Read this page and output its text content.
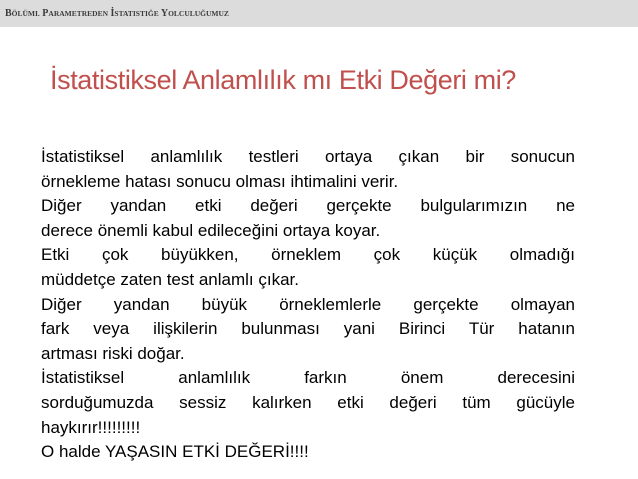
BÖLÜMI. PARAMETREDEN İSTATISTIĞE YOLCULUĞUMUZ
İstatistiksel Anlamlılık mı Etki Değeri mi?
İstatistiksel anlamlılık testleri ortaya çıkan bir sonucun
örnekleme hatası sonucu olması ihtimalini verir.
Diğer yandan etki değeri gerçekte bulgularımızın ne
derece önemli kabul edileceğini ortaya koyar.
Etki çok büyükken, örneklem çok küçük olmadığı
müddetçe zaten test anlamlı çıkar.
Diğer yandan büyük örneklemlerle gerçekte olmayan
fark veya ilişkilerin bulunması yani Birinci Tür hatanın
artması riski doğar.
İstatistiksel anlamlılık farkın önem derecesini
sorduğumuzda sessiz kalırken etki değeri tüm gücüyle
haykırır!!!!!!!!!
O halde YAŞASIN ETKİ DEĞERİ!!!!
